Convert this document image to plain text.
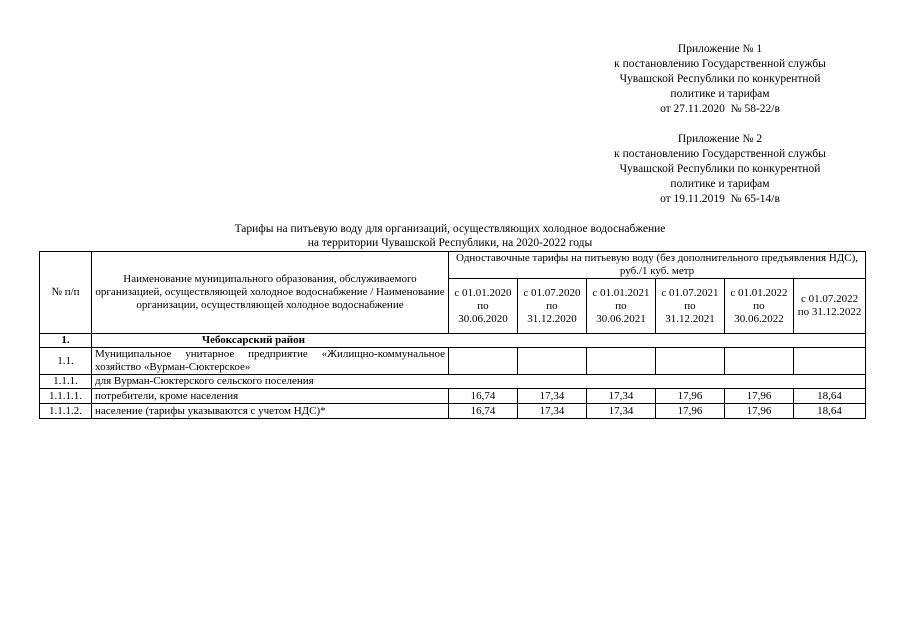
Приложение № 1
к постановлению Государственной службы
Чувашской Республики по конкурентной
политике и тарифам
от 27.11.2020  № 58-22/в
Приложение № 2
к постановлению Государственной службы
Чувашской Республики по конкурентной
политике и тарифам
от 19.11.2019  № 65-14/в
Тарифы на питьевую воду для организаций, осуществляющих холодное водоснабжение
на территории Чувашской Республики, на 2020-2022 годы
№ п/п	Наименование муниципального образования, обслуживаемого организацией, осуществляющей холодное водоснабжение / Наименование организации, осуществляющей холодное водоснабжение	Одноставочные тарифы на питьевую воду (без дополнительного предъявления НДС), руб./1 куб. метр					
		с 01.01.2020 по 30.06.2020	с 01.07.2020 по 31.12.2020	с 01.01.2021 по 30.06.2021	с 01.07.2021 по 31.12.2021	с 01.01.2022 по 30.06.2022	с 01.07.2022 по 31.12.2022
1.	Чебоксарский район						
1.1.	Муниципальное унитарное предприятие «Жилищно-коммунальное хозяйство «Вурман-Сюктерское»						
1.1.1.	для Вурман-Сюктерского сельского поселения						
1.1.1.1.	потребители, кроме населения	16,74	17,34	17,34	17,96	17,96	18,64
1.1.1.2.	население (тарифы указываются с учетом НДС)*	16,74	17,34	17,34	17,96	17,96	18,64
